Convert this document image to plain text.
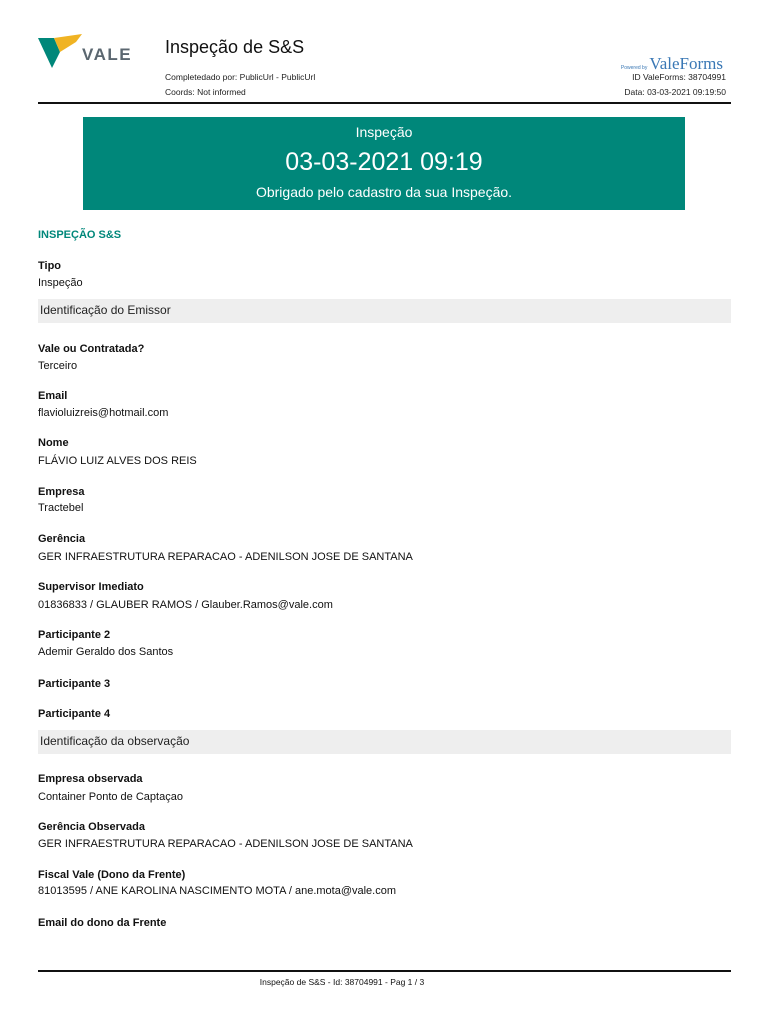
VALE Inspeção de S&S
Completedado por: PublicUrl - PublicUrl
Coords: Not informed
Powered by ValeForms
ID ValeForms: 38704991
Data: 03-03-2021 09:19:50
Inspeção
03-03-2021 09:19
Obrigado pelo cadastro da sua Inspeção.
INSPEÇÃO S&S
Tipo
Inspeção
Identificação do Emissor
Vale ou Contratada?
Terceiro
Email
flavioluizreis@hotmail.com
Nome
FLÁVIO LUIZ ALVES DOS REIS
Empresa
Tractebel
Gerência
GER INFRAESTRUTURA REPARACAO - ADENILSON JOSE DE SANTANA
Supervisor Imediato
01836833 / GLAUBER RAMOS / Glauber.Ramos@vale.com
Participante 2
Ademir Geraldo dos Santos
Participante 3
Participante 4
Identificação da observação
Empresa observada
Container Ponto de Captaçao
Gerência Observada
GER INFRAESTRUTURA REPARACAO - ADENILSON JOSE DE SANTANA
Fiscal Vale (Dono da Frente)
81013595 / ANE KAROLINA NASCIMENTO MOTA / ane.mota@vale.com
Email do dono da Frente
Inspeção de S&S - Id: 38704991 - Pag 1 / 3
